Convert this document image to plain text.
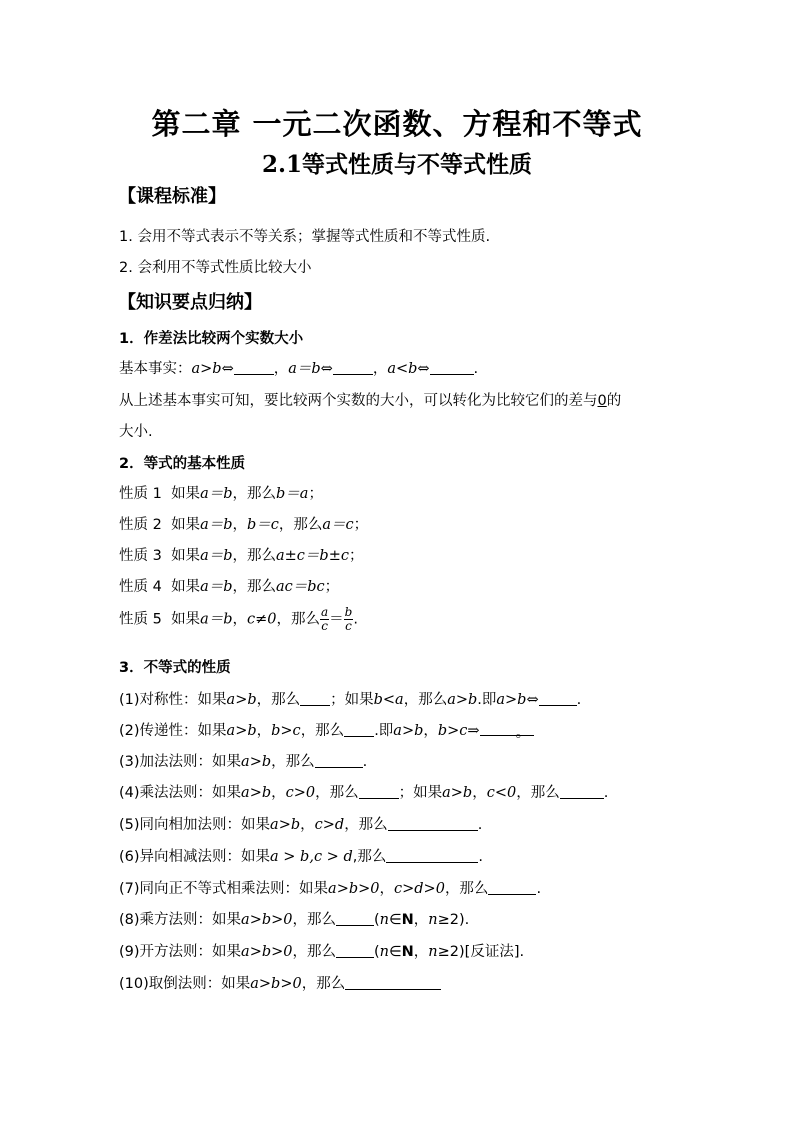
第二章 一元二次函数、方程和不等式
2.1等式性质与不等式性质
【课程标准】
1. 会用不等式表示不等关系；掌握等式性质和不等式性质.
2. 会利用不等式性质比较大小
【知识要点归纳】
1．作差法比较两个实数大小
基本事实：a>b⇔	，a＝b⇔	，a<b⇔	.
从上述基本事实可知，要比较两个实数的大小，可以转化为比较它们的差与0的
大小.
2．等式的基本性质
性质 1 如果a＝b，那么b＝a；
性质 2 如果a＝b，b＝c，那么a＝c；
性质 3 如果a＝b，那么a±c＝b±c；
性质 4 如果a＝b，那么ac＝bc；
性质 5 如果a＝b，c≠0，那么 $\frac{a}{c} = \frac{b}{c}$ .
3．不等式的性质
(1)对称性：如果a>b，那么 ；如果b<a，那么a>b.即a>b⇔	.
(2)传递性：如果a>b，b>c，那么 .即a>b，b>c⇒ 。
(3)加法法则：如果a>b，那么	.
(4)乘法法则：如果a>b，c>0，那么	；如果a>b，c<0，那么	.
(5)同向相加法则：如果a>b，c>d，那么	.
(6)异向相减法则：如果a > b,c > d,那么	.
(7)同向正不等式相乘法则：如果a>b>0，c>d>0，那么	.
(8)乘方法则：如果a>b>0，那么	(n∈N，n≥2).
(9)开方法则：如果a>b>0，那么	(n∈N，n≥2)[反证法].
(10)取倒法则：如果a>b>0，那么
